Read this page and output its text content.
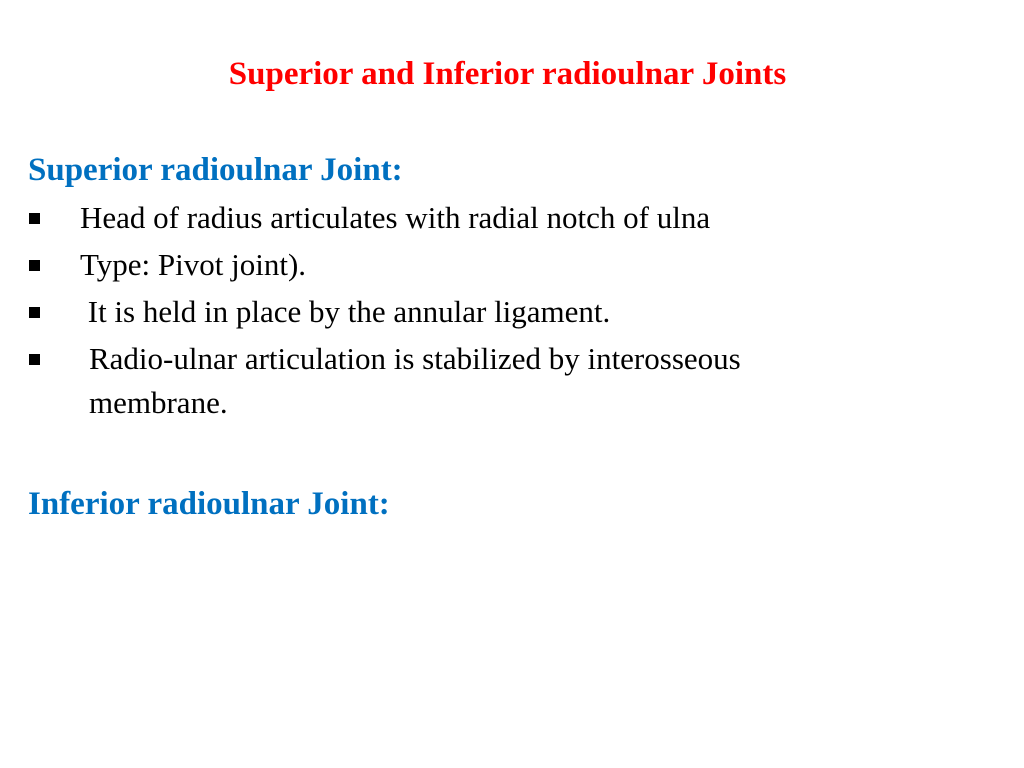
Superior and Inferior radioulnar Joints
Superior radioulnar Joint:
Head of radius articulates with radial notch of ulna
Type: Pivot joint).
It is held in place by the annular ligament.
Radio-ulnar articulation is stabilized by interosseous
membrane.
Inferior radioulnar Joint:
